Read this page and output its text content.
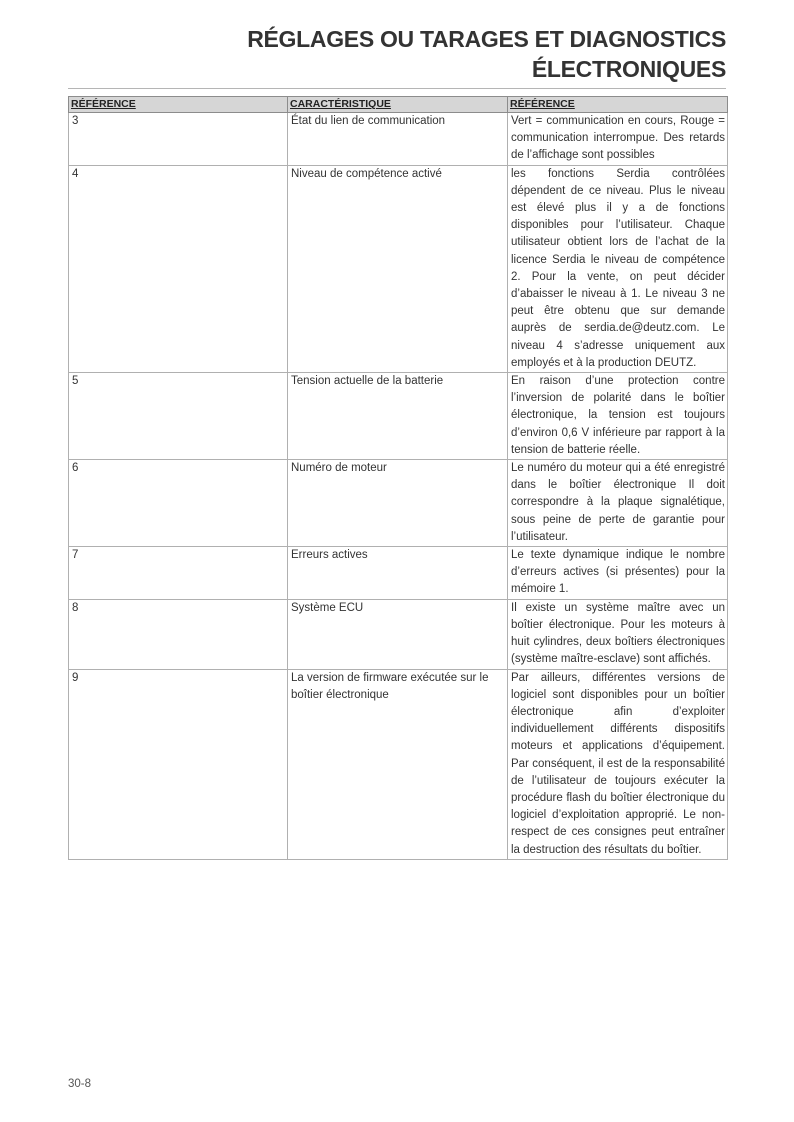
RÉGLAGES OU TARAGES ET DIAGNOSTICS
ÉLECTRONIQUES
RÉFÉRENCE	CARACTÉRISTIQUE	RÉFÉRENCE
3	État du lien de communication	Vert = communication en cours, Rouge = communication interrompue. Des retards de l’affichage sont possibles
4	Niveau de compétence activé	les fonctions Serdia contrôlées dépendent de ce niveau. Plus le niveau est élevé plus il y a de fonctions disponibles pour l’utilisateur. Chaque utilisateur obtient lors de l’achat de la licence Serdia le niveau de compétence 2. Pour la vente, on peut décider d’abaisser le niveau à 1. Le niveau 3 ne peut être obtenu que sur demande auprès de serdia.de@deutz.com. Le niveau 4 s’adresse uniquement aux employés et à la production DEUTZ.
5	Tension actuelle de la batterie	En raison d’une protection contre l’inversion de polarité dans le boîtier électronique, la tension est toujours d’environ 0,6 V inférieure par rapport à la tension de batterie réelle.
6	Numéro de moteur	Le numéro du moteur qui a été enregistré dans le boîtier électronique Il doit correspondre à la plaque signalétique, sous peine de perte de garantie pour l’utilisateur.
7	Erreurs actives	Le texte dynamique indique le nombre d’erreurs actives (si présentes) pour la mémoire 1.
8	Système ECU	Il existe un système maître avec un boîtier électronique. Pour les moteurs à huit cylindres, deux boîtiers électroniques (système maître-esclave) sont affichés.
9	La version de firmware exécutée sur le boîtier électronique	Par ailleurs, différentes versions de logiciel sont disponibles pour un boîtier électronique afin d’exploiter individuellement différents dispositifs moteurs et applications d’équipement. Par conséquent, il est de la responsabilité de l’utilisateur de toujours exécuter la procédure flash du boîtier électronique du logiciel d’exploitation approprié. Le non-respect de ces consignes peut entraîner la destruction des résultats du boîtier.
30-8
